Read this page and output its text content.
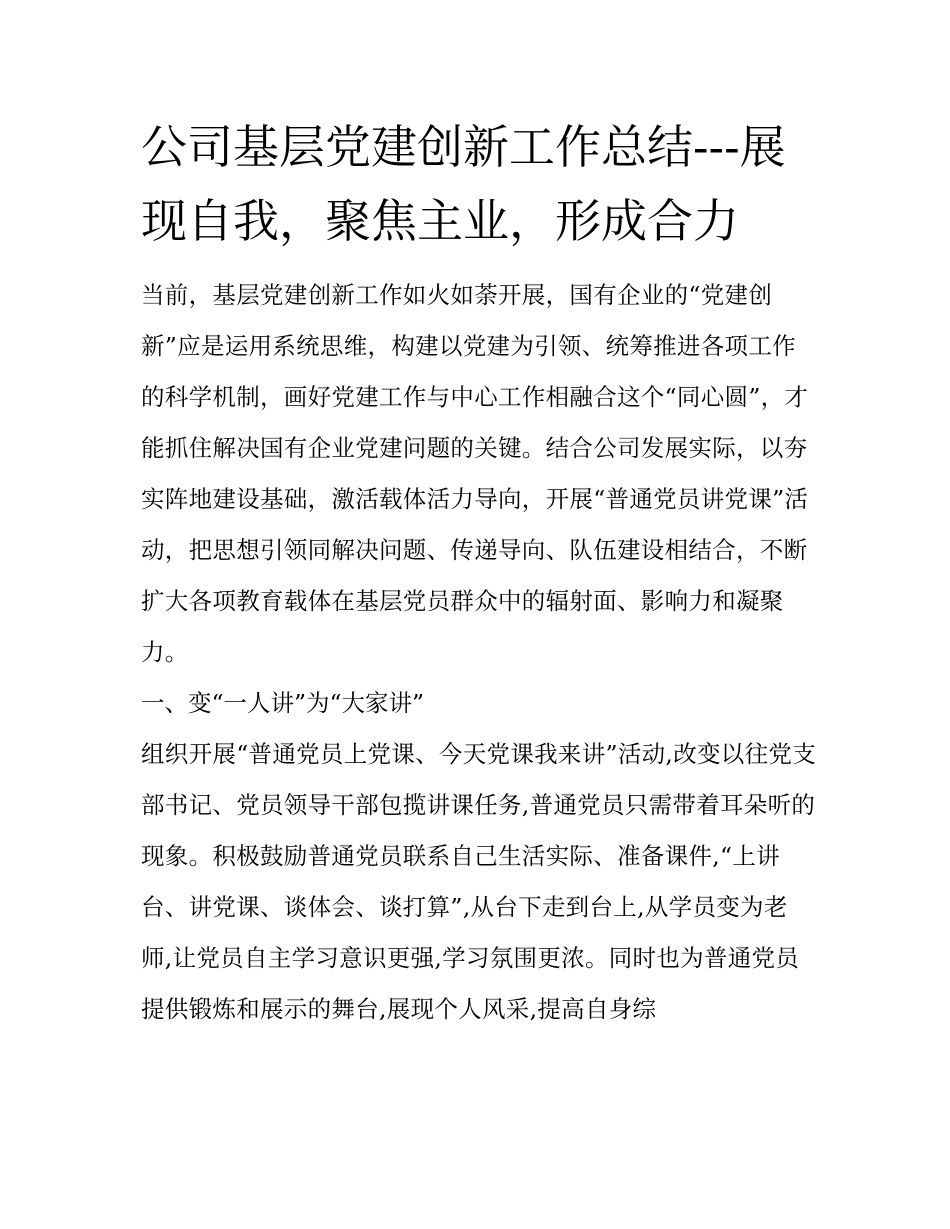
公司基层党建创新工作总结---展现自我，聚焦主业，形成合力

当前，基层党建创新工作如火如荼开展，国有企业的“党建创新”应是运用系统思维，构建以党建为引领、统筹推进各项工作的科学机制，画好党建工作与中心工作相融合这个“同心圆”，才能抓住解决国有企业党建问题的关键。结合公司发展实际，以夯实阵地建设基础，激活载体活力导向，开展“普通党员讲党课”活动，把思想引领同解决问题、传递导向、队伍建设相结合，不断扩大各项教育载体在基层党员群众中的辐射面、影响力和凝聚力。

一、变“一人讲”为“大家讲”

组织开展“普通党员上党课、今天党课我来讲”活动,改变以往党支部书记、党员领导干部包揽讲课任务,普通党员只需带着耳朵听的现象。积极鼓励普通党员联系自己生活实际、准备课件,“上讲台、讲党课、谈体会、谈打算”,从台下走到台上,从学员变为老师,让党员自主学习意识更强,学习氛围更浓。同时也为普通党员提供锻炼和展示的舞台,展现个人风采,提高自身综
